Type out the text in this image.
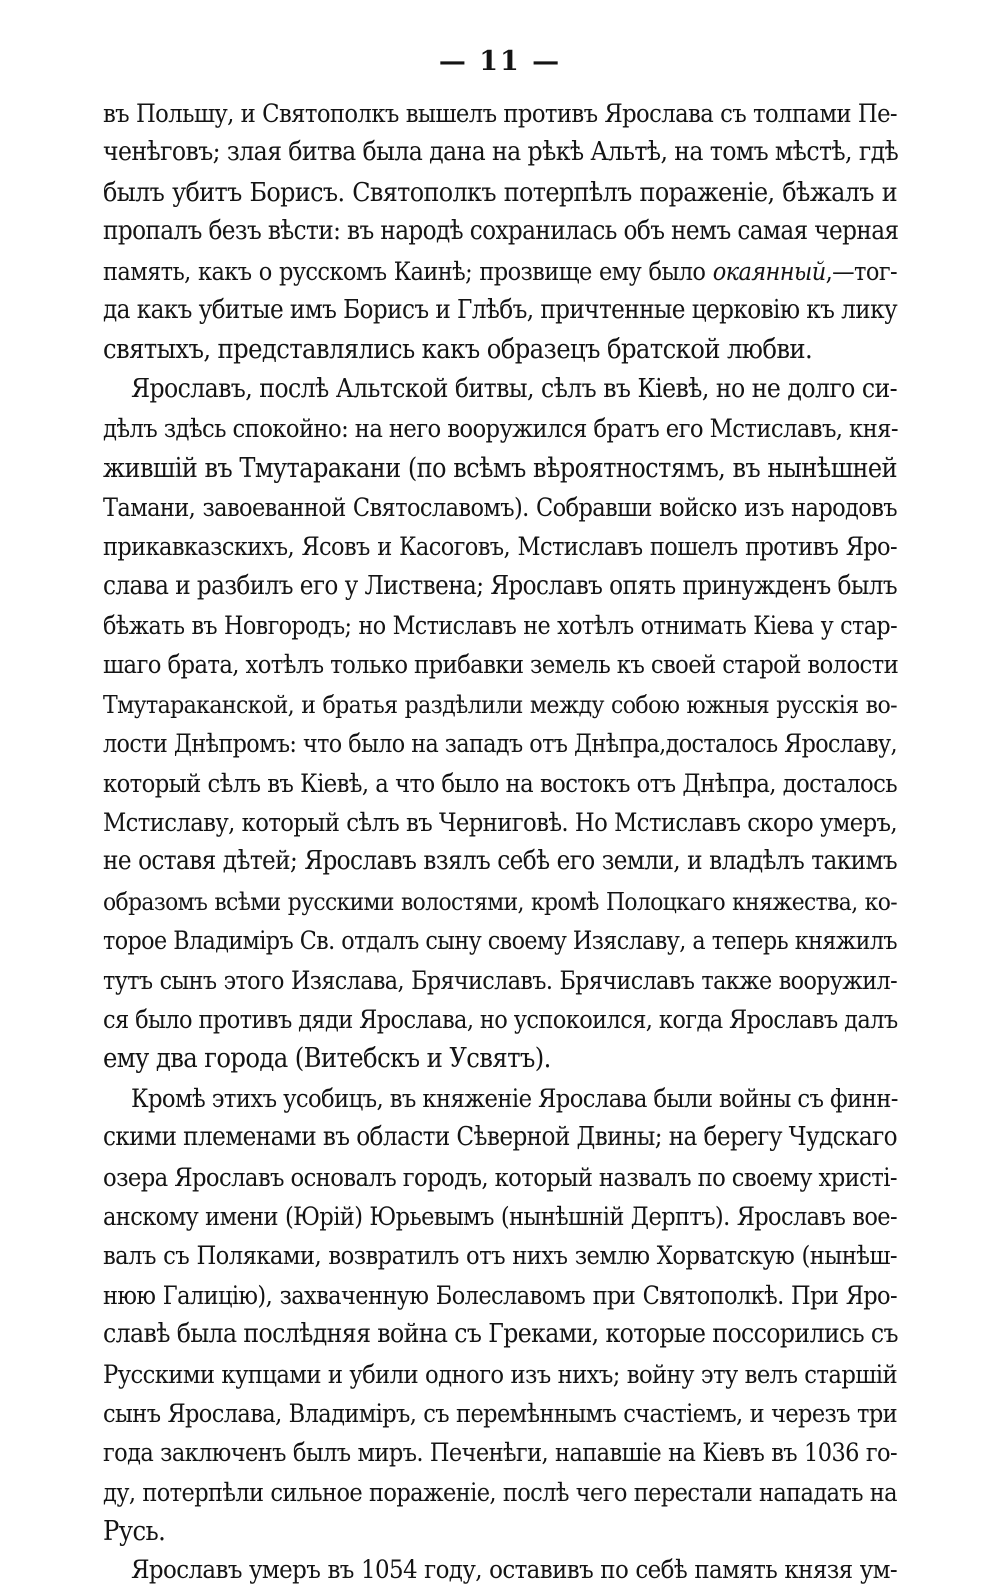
— 11 —
въ Польшу, и Святополкъ вышелъ противъ Ярослава съ толпами Пе-
ченѣговъ; злая битва была дана на рѣкѣ Альтѣ, на томъ мѣстѣ, гдѣ
былъ убитъ Борисъ. Святополкъ потерпѣлъ пораженіе, бѣжалъ и
пропалъ безъ вѣсти: въ народѣ сохранилась объ немъ самая черная
память, какъ о русскомъ Каинѣ; прозвище ему было окаянный,—тог-
да какъ убитые имъ Борисъ и Глѣбъ, причтенные церковію къ лику
святыхъ, представлялись какъ образецъ братской любви.
Ярославъ, послѣ Альтской битвы, сѣлъ въ Кіевѣ, но не долго си-
дѣлъ здѣсь спокойно: на него вооружился братъ его Мстиславъ, кня-
жившій въ Тмутаракани (по всѣмъ вѣроятностямъ, въ нынѣшней
Тамани, завоеванной Святославомъ). Собравши войско изъ народовъ
прикавказскихъ, Ясовъ и Касоговъ, Мстиславъ пошелъ противъ Яро-
слава и разбилъ его у Листвена; Ярославъ опять принужденъ былъ
бѣжать въ Новгородъ; но Мстиславъ не хотѣлъ отнимать Кіева у стар-
шаго брата, хотѣлъ только прибавки земель къ своей старой волости
Тмутараканской, и братья раздѣлили между собою южныя русскія во-
лости Днѣпромъ: что было на западъ отъ Днѣпра,досталось Ярославу,
который сѣлъ въ Кіевѣ, а что было на востокъ отъ Днѣпра, досталось
Мстиславу, который сѣлъ въ Черниговѣ. Но Мстиславъ скоро умеръ,
не оставя дѣтей; Ярославъ взялъ себѣ его земли, и владѣлъ такимъ
образомъ всѣми русскими волостями, кромѣ Полоцкаго княжества, ко-
торое Владиміръ Св. отдалъ сыну своему Изяславу, а теперь княжилъ
тутъ сынъ этого Изяслава, Брячиславъ. Брячиславъ также вооружил-
ся было противъ дяди Ярослава, но успокоился, когда Ярославъ далъ
ему два города (Витебскъ и Усвятъ).
Кромѣ этихъ усобицъ, въ княженіе Ярослава были войны съ финн-
скими племенами въ области Сѣверной Двины; на берегу Чудскаго
озера Ярославъ основалъ городъ, который назвалъ по своему христі-
анскому имени (Юрій) Юрьевымъ (нынѣшній Дерптъ). Ярославъ вое-
валъ съ Поляками, возвратилъ отъ нихъ землю Хорватскую (нынѣш-
нюю Галицію), захваченную Болеславомъ при Святополкѣ. При Яро-
славѣ была послѣдняя война съ Греками, которые поссорились съ
Русскими купцами и убили одного изъ нихъ; войну эту велъ старшій
сынъ Ярослава, Владиміръ, съ перемѣннымъ счастіемъ, и черезъ три
года заключенъ былъ миръ. Печенѣги, напавшіе на Кіевъ въ 1036 го-
ду, потерпѣли сильное пораженіе, послѣ чего перестали нападать на
Русь.
Ярославъ умеръ въ 1054 году, оставивъ по себѣ память князя ум-
